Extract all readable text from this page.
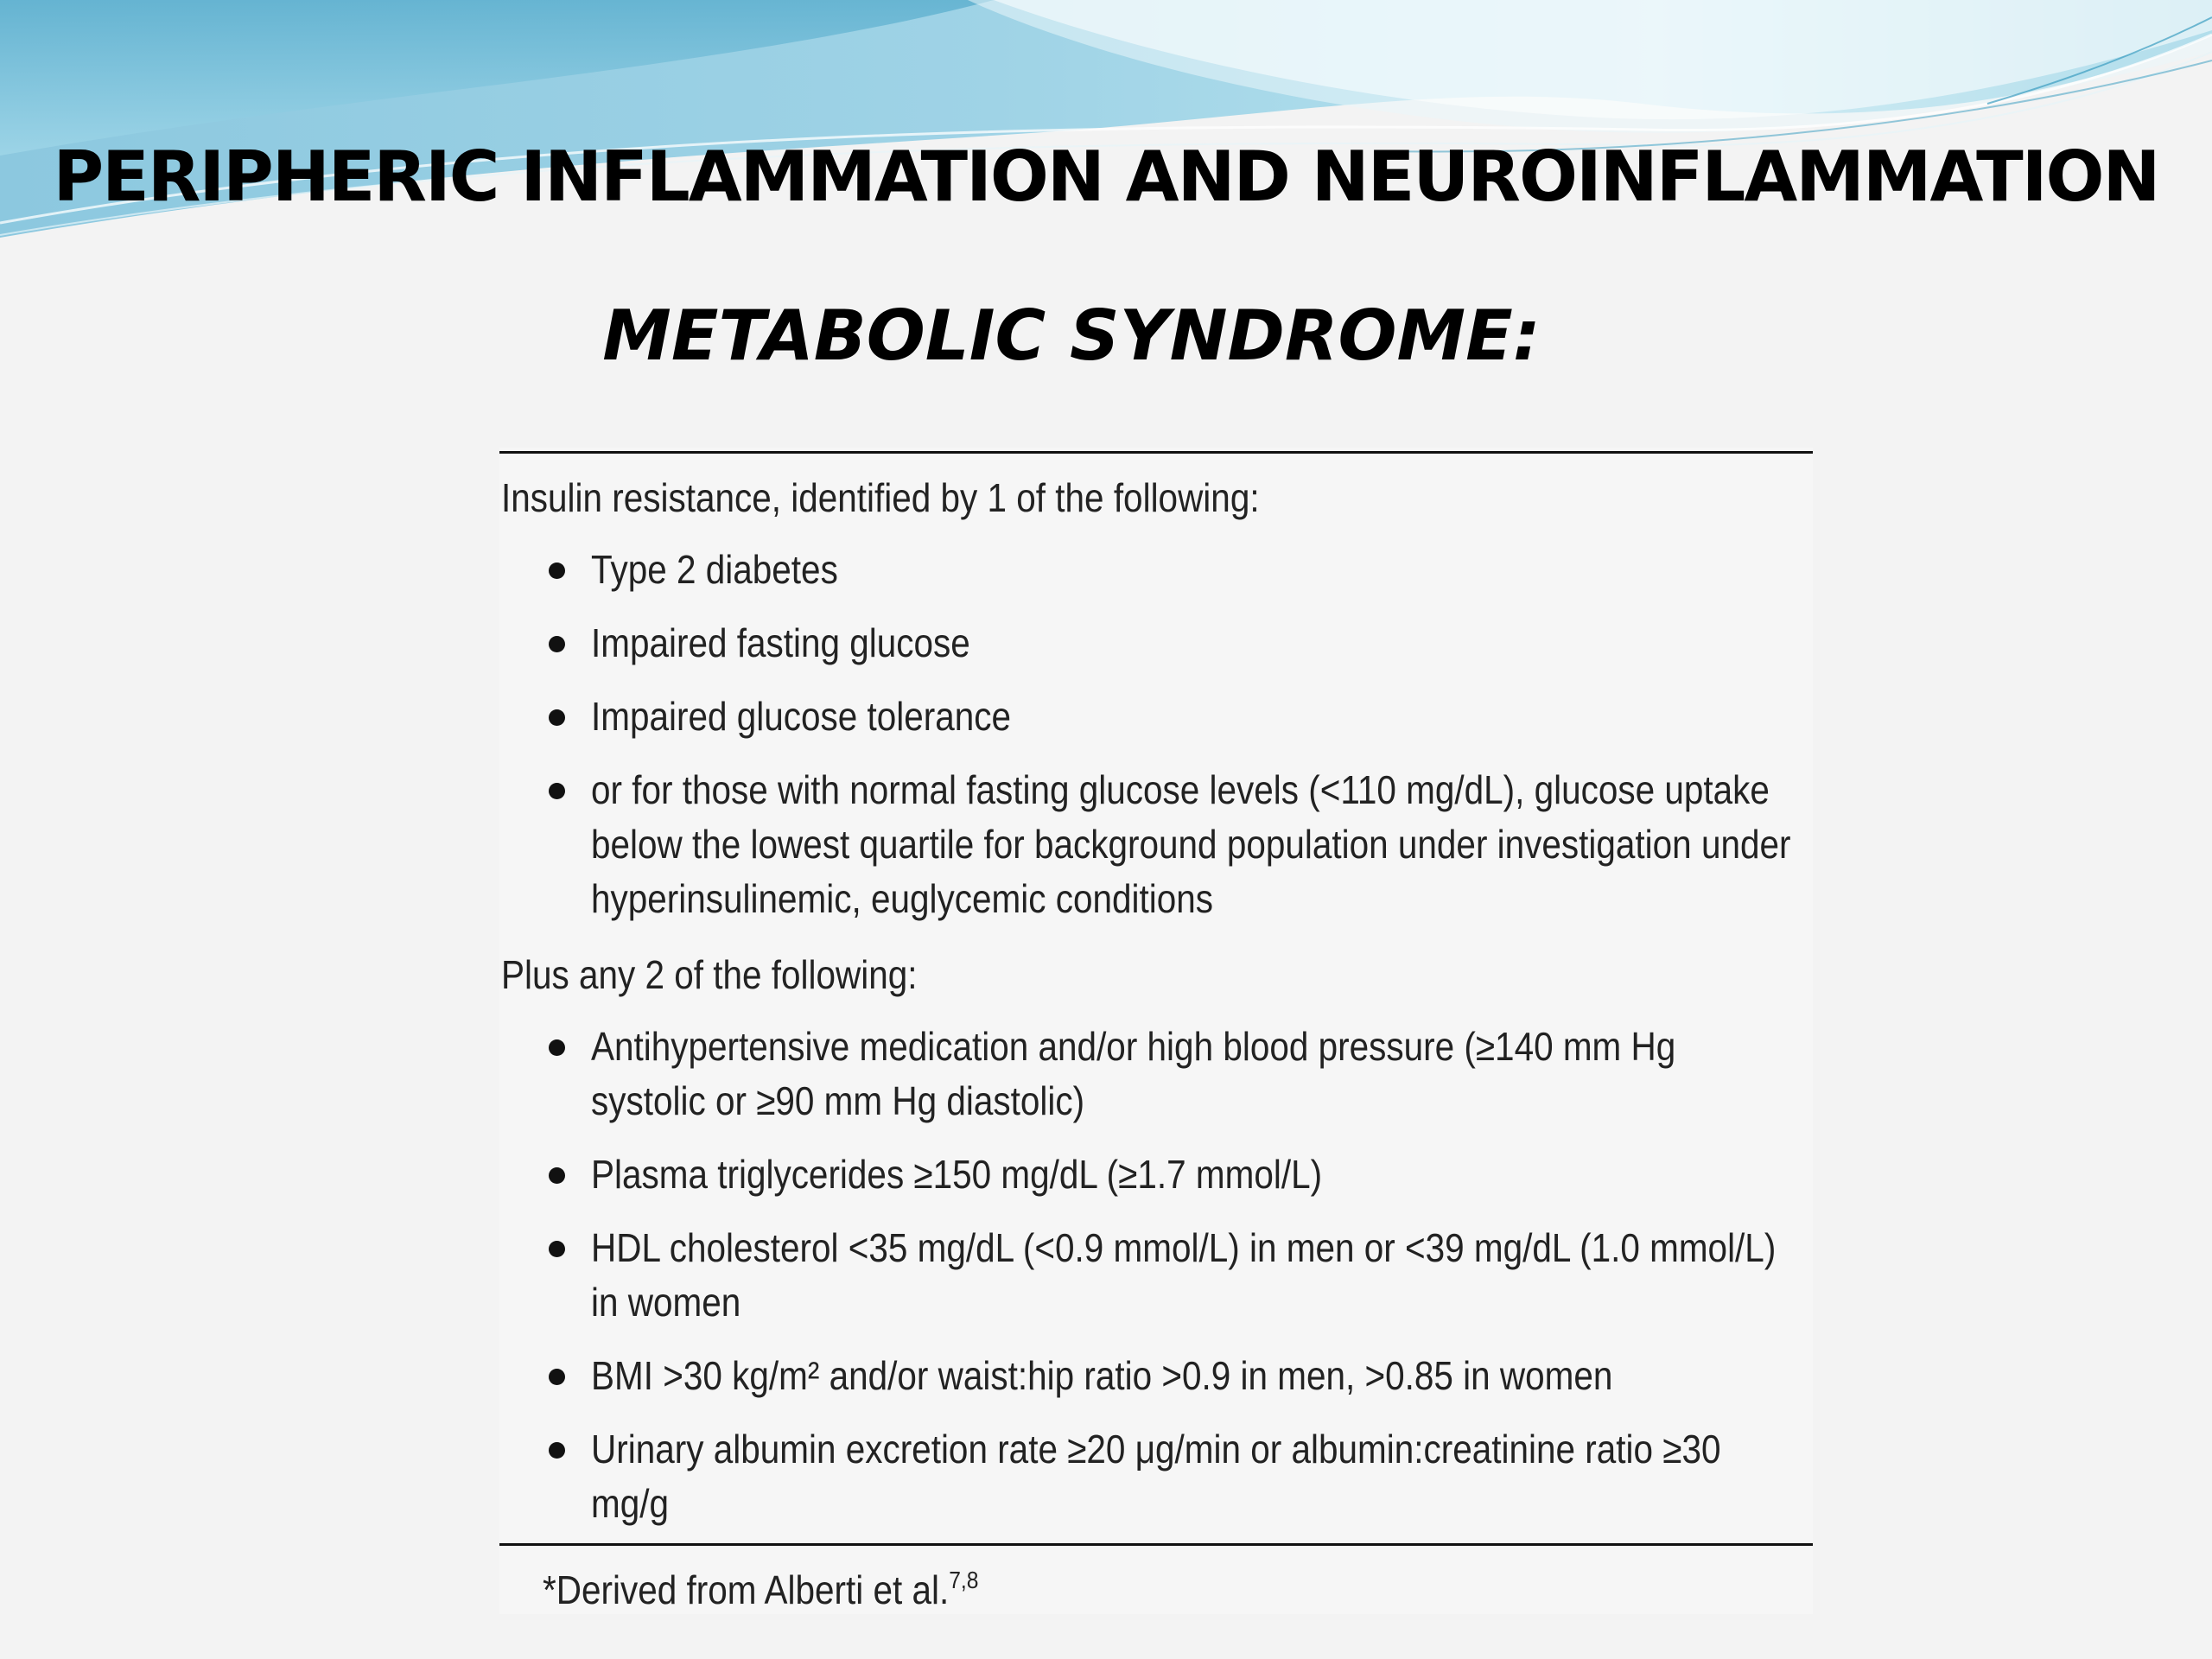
PERIPHERIC INFLAMMATION AND NEUROINFLAMMATION
METABOLIC SYNDROME:
Insulin resistance, identified by 1 of the following:
Type 2 diabetes
Impaired fasting glucose
Impaired glucose tolerance
or for those with normal fasting glucose levels (<110 mg/dL), glucose uptake below the lowest quartile for background population under investigation under hyperinsulinemic, euglycemic conditions
Plus any 2 of the following:
Antihypertensive medication and/or high blood pressure (≥140 mm Hg systolic or ≥90 mm Hg diastolic)
Plasma triglycerides ≥150 mg/dL (≥1.7 mmol/L)
HDL cholesterol <35 mg/dL (<0.9 mmol/L) in men or <39 mg/dL (1.0 mmol/L) in women
BMI >30 kg/m² and/or waist:hip ratio >0.9 in men, >0.85 in women
Urinary albumin excretion rate ≥20 μg/min or albumin:creatinine ratio ≥30 mg/g
*Derived from Alberti et al.$^{7,8}$
